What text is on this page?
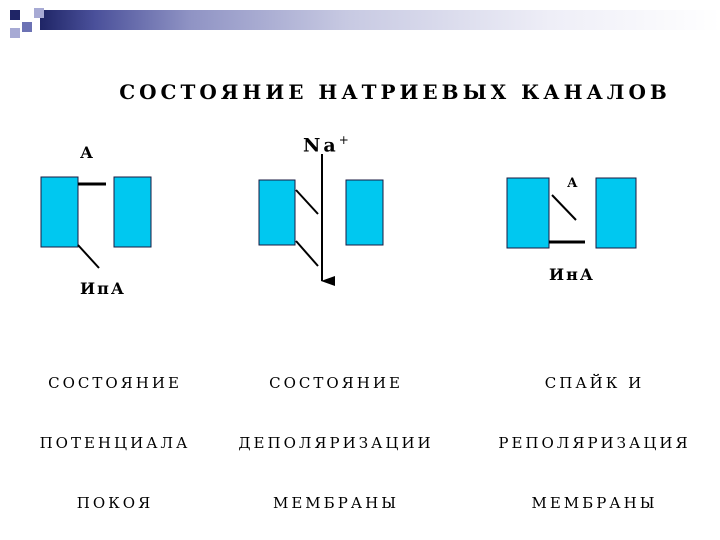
СОСТОЯНИЕ НАТРИЕВЫХ КАНАЛОВ
А
ИпА

СОСТОЯНИЕ

ПОТЕНЦИАЛА

ПОКОЯ

Na+

СОСТОЯНИЕ

ДЕПОЛЯРИЗАЦИИ

МЕМБРАНЫ

А
ИнА

СПАЙК И

РЕПОЛЯРИЗАЦИЯ

МЕМБРАНЫ
